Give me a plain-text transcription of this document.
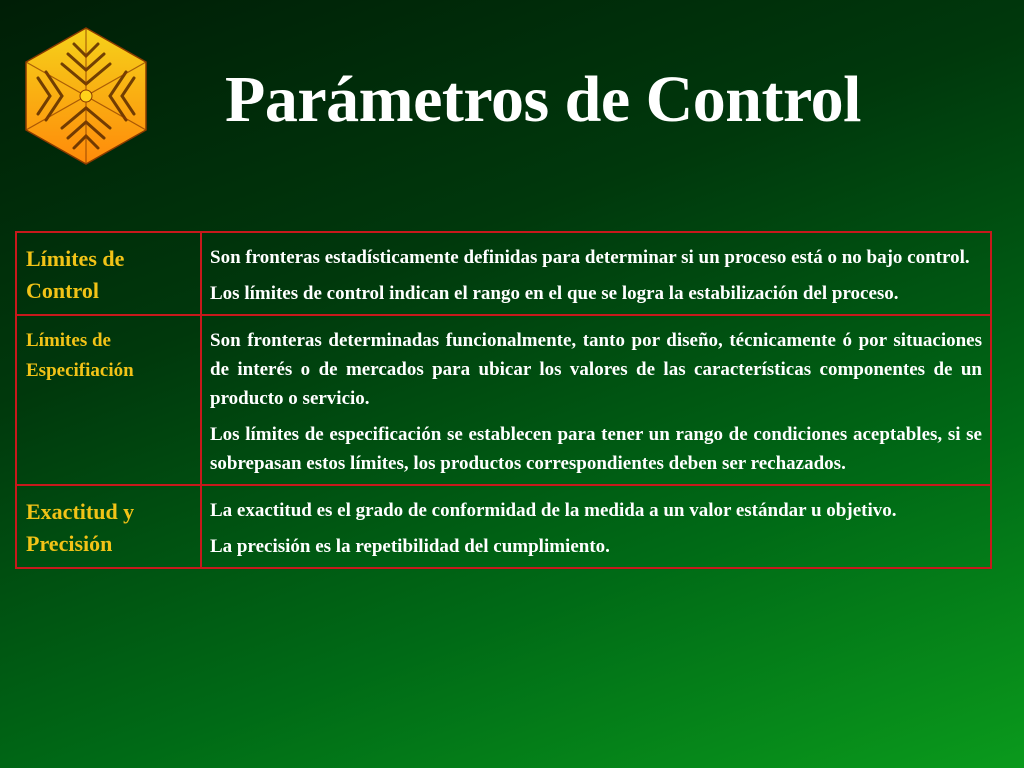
Parámetros de Control
Límites de Control	Son fronteras estadísticamente definidas para determinar si un proceso está o no bajo control.

Los límites de control indican el rango en el que se logra la estabilización del proceso.

Límites de Especifiación	Son fronteras determinadas funcionalmente, tanto por diseño, técnicamente ó por situaciones de interés o de mercados para ubicar los valores de las características componentes de un producto o servicio.

Los límites de especificación se establecen para tener un rango de condiciones aceptables, si se sobrepasan estos límites, los productos correspondientes deben ser rechazados.

Exactitud y Precisión	La exactitud es el grado de conformidad de la medida a un valor estándar u objetivo.

La precisión es la repetibilidad del cumplimiento.
